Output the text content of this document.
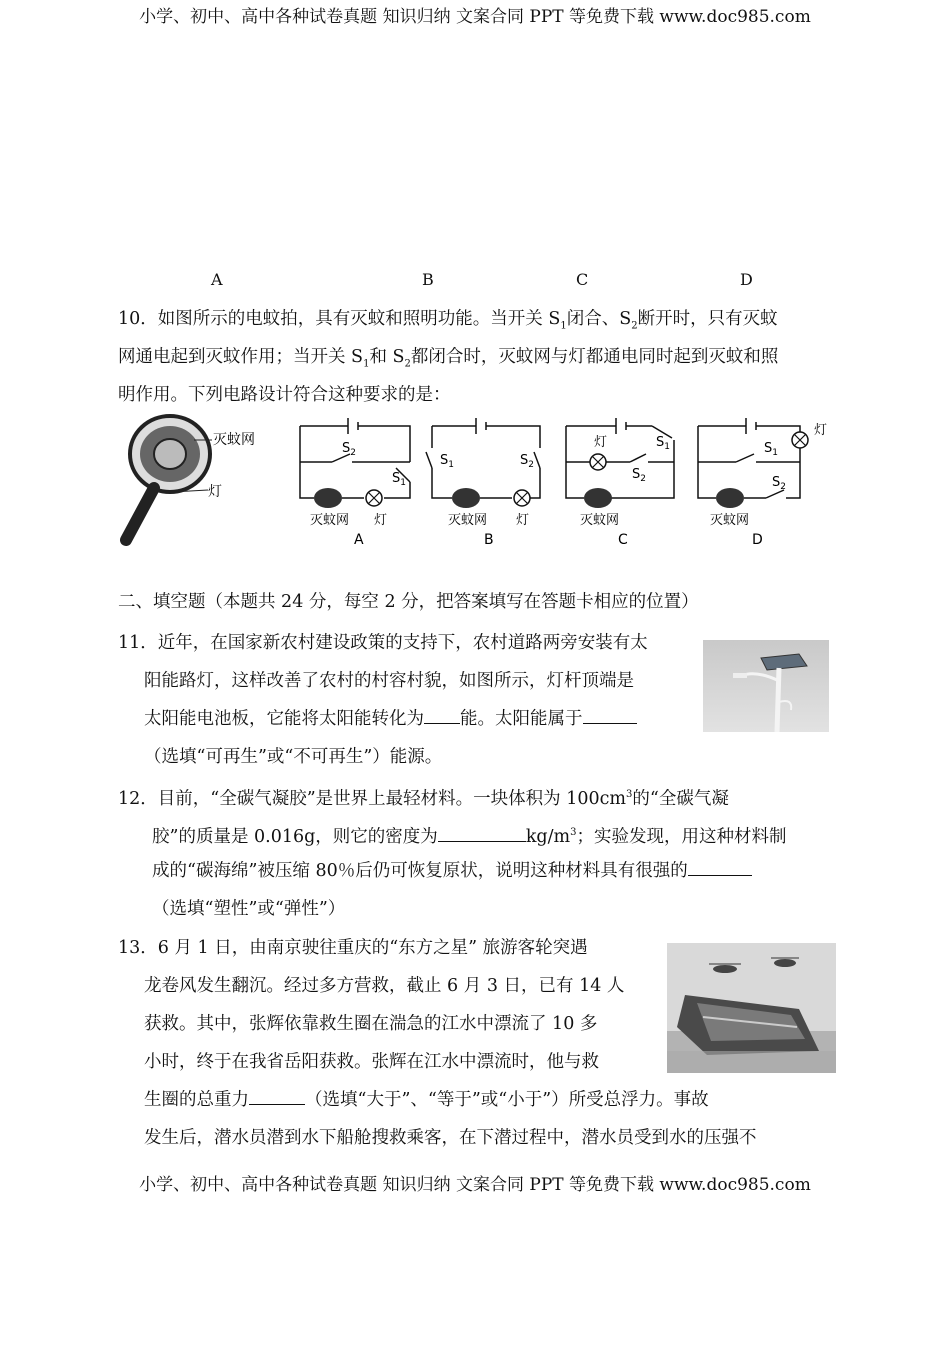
小学、初中、高中各种试卷真题 知识归纳 文案合同 PPT 等免费下载 www.doc985.com
小学、初中、高中各种试卷真题 知识归纳 文案合同 PPT 等免费下载 www.doc985.com
A	B	C	D
10．如图所示的电蚊拍，具有灭蚊和照明功能。当开关 $S_1$闭合、$S_2$断开时，只有灭蚊
网通电起到灭蚊作用；当开关 $S_1$和 $S_2$都闭合时，灭蚊网与灯都通电同时起到灭蚊和照
明作用。下列电路设计符合这种要求的是：
灭蚊网
灯
$S_2$
$S_1$
灭蚊网 灯
A
$S_1$	$S_2$
灭蚊网 灯
B
灯	$S_1$
$S_2$
灭蚊网
C
灯
$S_1$
$S_2$
灭蚊网
D
二、填空题（本题共 24 分，每空 2 分，把答案填写在答题卡相应的位置）
11．近年，在国家新农村建设政策的支持下，农村道路两旁安装有太
阳能路灯，这样改善了农村的村容村貌，如图所示，灯杆顶端是
太阳能电池板，它能将太阳能转化为 能。太阳能属于
（选填“可再生”或“不可再生”）能源。
12．目前，“全碳气凝胶”是世界上最轻材料。一块体积为 $100cm^3$的“全碳气凝
胶”的质量是 0.016g，则它的密度为	$kg/m^3$；实验发现，用这种材料制
成的“碳海绵”被压缩 80％后仍可恢复原状，说明这种材料具有很强的
（选填“塑性”或“弹性”）
13．6 月 1 日，由南京驶往重庆的“东方之星” 旅游客轮突遇
龙卷风发生翻沉。经过多方营救，截止 6 月 3 日，已有 14 人
获救。其中，张辉依靠救生圈在湍急的江水中漂流了 10 多
小时，终于在我省岳阳获救。张辉在江水中漂流时，他与救
生圈的总重力	（选填“大于”、“等于”或“小于”）所受总浮力。事故
发生后，潜水员潜到水下船舱搜救乘客，在下潜过程中，潜水员受到水的压强不
